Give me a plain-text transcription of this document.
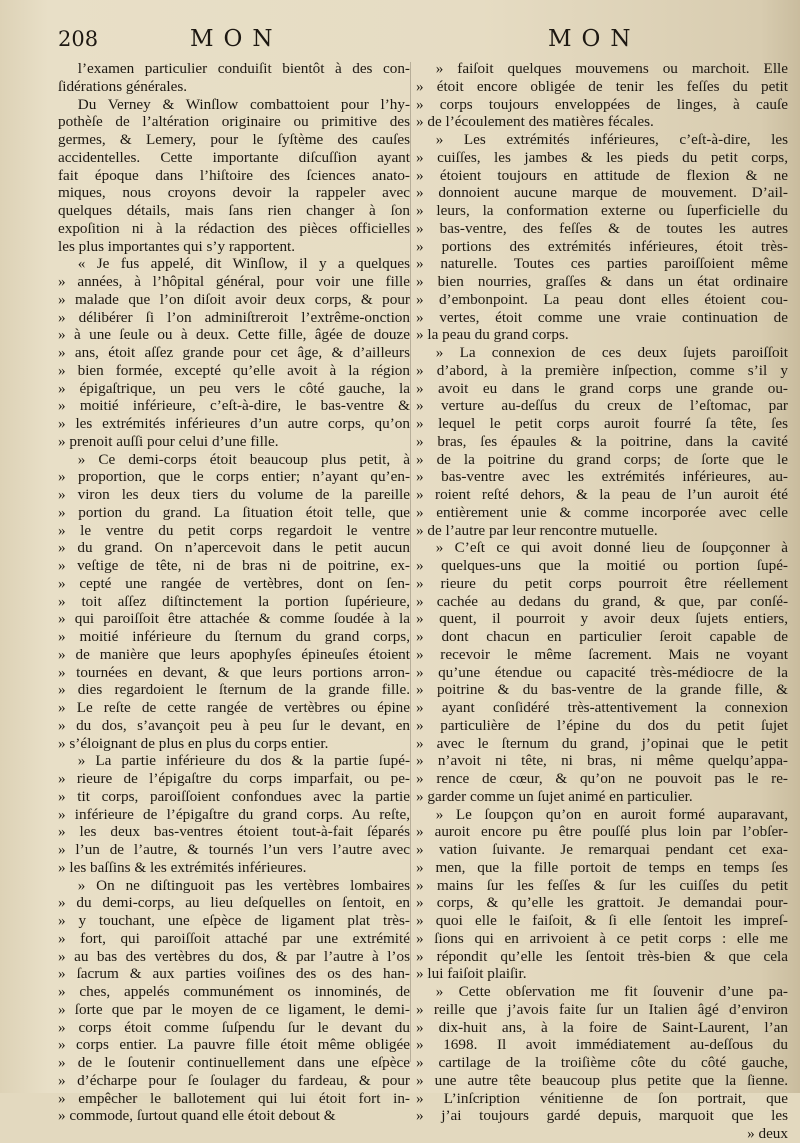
208	MON	MON

l’examen particulier conduiſit bientôt à des con-
ſidérations générales.

Du Verney & Winſlow combattoient pour l’hy-
pothèſe de l’altération originaire ou primitive des
germes, & Lemery, pour le ſyſtème des cauſes
accidentelles. Cette importante diſcuſſion ayant
fait époque dans l’hiſtoire des ſciences anato-
miques, nous croyons devoir la rappeler avec
quelques détails, mais ſans rien changer à ſon
expoſition ni à la rédaction des pièces officielles
les plus importantes qui s’y rapportent.

« Je fus appelé, dit Winſlow, il y a quelques
» années, à l’hôpital général, pour voir une fille
» malade que l’on diſoit avoir deux corps, & pour
» délibérer ſi l’on adminiſtreroit l’extrême-onction
» à une ſeule ou à deux. Cette fille, âgée de douze
» ans, étoit aſſez grande pour cet âge, & d’ailleurs
» bien formée, excepté qu’elle avoit à la région
» épigaſtrique, un peu vers le côté gauche, la
» moitié inférieure, c’eſt-à-dire, le bas-ventre &
» les extrémités inférieures d’un autre corps, qu’on
» prenoit auſſi pour celui d’une fille.

» Ce demi-corps étoit beaucoup plus petit, à
» proportion, que le corps entier; n’ayant qu’en-
» viron les deux tiers du volume de la pareille
» portion du grand. La ſituation étoit telle, que
» le ventre du petit corps regardoit le ventre
» du grand. On n’apercevoit dans le petit aucun
» veſtige de tête, ni de bras ni de poitrine, ex-
» cepté une rangée de vertèbres, dont on ſen-
» toit aſſez diſtinctement la portion ſupérieure,
» qui paroiſſoit être attachée & comme ſoudée à la
» moitié inférieure du ſternum du grand corps,
» de manière que leurs apophyſes épineuſes étoient
» tournées en devant, & que leurs portions arron-
» dies regardoient le ſternum de la grande fille.
» Le reſte de cette rangée de vertèbres ou épine
» du dos, s’avançoit peu à peu ſur le devant, en
» s’éloignant de plus en plus du corps entier.

» La partie inférieure du dos & la partie ſupé-
» rieure de l’épigaſtre du corps imparfait, ou pe-
» tit corps, paroiſſoient confondues avec la partie
» inférieure de l’épigaſtre du grand corps. Au reſte,
» les deux bas-ventres étoient tout-à-fait ſéparés
» l’un de l’autre, & tournés l’un vers l’autre avec
» les baſſins & les extrémités inférieures.

» On ne diſtinguoit pas les vertèbres lombaires
» du demi-corps, au lieu deſquelles on ſentoit, en
» y touchant, une eſpèce de ligament plat très-
» fort, qui paroiſſoit attaché par une extrémité
» au bas des vertèbres du dos, & par l’autre à l’os
» ſacrum & aux parties voiſines des os des han-
» ches, appelés communément os innominés, de
» ſorte que par le moyen de ce ligament, le demi-
» corps étoit comme ſuſpendu ſur le devant du
» corps entier. La pauvre fille étoit même obligée
» de le ſoutenir continuellement dans une eſpèce
» d’écharpe pour ſe ſoulager du fardeau, & pour
» empêcher le ballotement qui lui étoit fort in-
» commode, ſurtout quand elle étoit debout &

» faiſoit quelques mouvemens ou marchoit. Elle
» étoit encore obligée de tenir les feſſes du petit
» corps toujours enveloppées de linges, à cauſe
» de l’écoulement des matières fécales.

» Les extrémités inférieures, c’eſt-à-dire, les
» cuiſſes, les jambes & les pieds du petit corps,
» étoient toujours en attitude de flexion & ne
» donnoient aucune marque de mouvement. D’ail-
» leurs, la conformation externe ou ſuperficielle du
» bas-ventre, des feſſes & de toutes les autres
» portions des extrémités inférieures, étoit très-
» naturelle. Toutes ces parties paroiſſoient même
» bien nourries, graſſes & dans un état ordinaire
» d’embonpoint. La peau dont elles étoient cou-
» vertes, étoit comme une vraie continuation de
» la peau du grand corps.

» La connexion de ces deux ſujets paroiſſoit
» d’abord, à la première inſpection, comme s’il y
» avoit eu dans le grand corps une grande ou-
» verture au-deſſus du creux de l’eſtomac, par
» lequel le petit corps auroit fourré ſa tête, ſes
» bras, ſes épaules & la poitrine, dans la cavité
» de la poitrine du grand corps; de ſorte que le
» bas-ventre avec les extrémités inférieures, au-
» roient reſté dehors, & la peau de l’un auroit été
» entièrement unie & comme incorporée avec celle
» de l’autre par leur rencontre mutuelle.

» C’eſt ce qui avoit donné lieu de ſoupçonner à
» quelques-uns que la moitié ou portion ſupé-
» rieure du petit corps pourroit être réellement
» cachée au dedans du grand, & que, par conſé-
» quent, il pourroit y avoir deux ſujets entiers,
» dont chacun en particulier ſeroit capable de
» recevoir le même ſacrement. Mais ne voyant
» qu’une étendue ou capacité très-médiocre de la
» poitrine & du bas-ventre de la grande fille, &
» ayant conſidéré très-attentivement la connexion
» particulière de l’épine du dos du petit ſujet
» avec le ſternum du grand, j’opinai que le petit
» n’avoit ni tête, ni bras, ni même quelqu’appa-
» rence de cœur, & qu’on ne pouvoit pas le re-
» garder comme un ſujet animé en particulier.

» Le ſoupçon qu’on en auroit formé auparavant,
» auroit encore pu être pouſſé plus loin par l’obſer-
» vation ſuivante. Je remarquai pendant cet exa-
» men, que la fille portoit de temps en temps ſes
» mains ſur les feſſes & ſur les cuiſſes du petit
» corps, & qu’elle les grattoit. Je demandai pour-
» quoi elle le faiſoit, & ſi elle ſentoit les impreſ-
» ſions qui en arrivoient à ce petit corps : elle me
» répondit qu’elle les ſentoit très-bien & que cela
» lui faiſoit plaiſir.

» Cette obſervation me fit ſouvenir d’une pa-
» reille que j’avois faite ſur un Italien âgé d’environ
» dix-huit ans, à la foire de Saint-Laurent, l’an
» 1698. Il avoit immédiatement au-deſſous du
» cartilage de la troiſième côte du côté gauche,
» une autre tête beaucoup plus petite que la ſienne.
» L’inſcription vénitienne de ſon portrait, que
» j’ai toujours gardé depuis, marquoit que les
» deux
